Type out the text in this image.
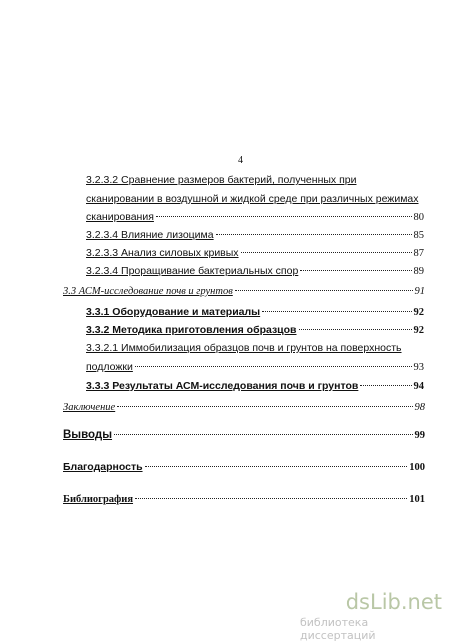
4
3.2.3.2 Сравнение размеров бактерий, полученных при
сканировании в воздушной и жидкой среде при различных режимах
сканирования	80
3.2.3.4 Влияние лизоцима	85
3.2.3.3 Анализ силовых кривых	87
3.2.3.4 Проращивание бактериальных спор	89
3.3 АСМ-исследование почв и грунтов	91
3.3.1 Оборудование и материалы	92
3.3.2 Методика приготовления образцов	92
3.3.2.1 Иммобилизация образцов почв и грунтов на поверхность
подложки	93
3.3.3 Результаты АСМ-исследования почв и грунтов	94
Заключение	98
Выводы	99
Благодарность	100
Библиография	101
dsLib.net
библиотека диссертаций
